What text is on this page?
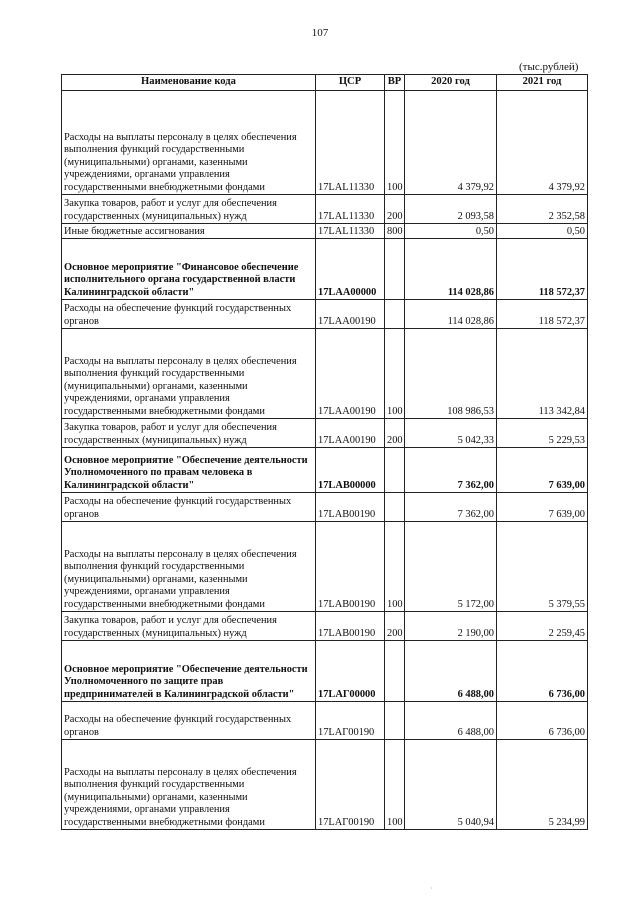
107
(тыс.рублей)
Наименование кода	ЦСР	ВР	2020 год	2021 год
Расходы на выплаты персоналу в целях обеспечения выполнения функций государственными (муниципальными) органами, казенными учреждениями, органами управления государственными внебюджетными фондами	17LAL11330	100	4 379,92	4 379,92
Закупка товаров, работ и услуг для обеспечения государственных (муниципальных) нужд	17LAL11330	200	2 093,58	2 352,58
Иные бюджетные ассигнования	17LAL11330	800	0,50	0,50
Основное мероприятие "Финансовое обеспечение исполнительного органа государственной власти Калининградской области"	17LAA00000		114 028,86	118 572,37
Расходы на обеспечение функций государственных органов	17LAA00190		114 028,86	118 572,37
Расходы на выплаты персоналу в целях обеспечения выполнения функций государственными (муниципальными) органами, казенными учреждениями, органами управления государственными внебюджетными фондами	17LAA00190	100	108 986,53	113 342,84
Закупка товаров, работ и услуг для обеспечения государственных (муниципальных) нужд	17LAA00190	200	5 042,33	5 229,53
Основное мероприятие "Обеспечение деятельности Уполномоченного по правам человека в Калининградской области"	17LAB00000		7 362,00	7 639,00
Расходы на обеспечение функций государственных органов	17LAB00190		7 362,00	7 639,00
Расходы на выплаты персоналу в целях обеспечения выполнения функций государственными (муниципальными) органами, казенными учреждениями, органами управления государственными внебюджетными фондами	17LAB00190	100	5 172,00	5 379,55
Закупка товаров, работ и услуг для обеспечения государственных (муниципальных) нужд	17LAB00190	200	2 190,00	2 259,45
Основное мероприятие "Обеспечение деятельности Уполномоченного по защите прав предпринимателей в Калининградской области"	17LAГ00000		6 488,00	6 736,00
Расходы на обеспечение функций государственных органов	17LAГ00190		6 488,00	6 736,00
Расходы на выплаты персоналу в целях обеспечения выполнения функций государственными (муниципальными) органами, казенными учреждениями, органами управления государственными внебюджетными фондами	17LAГ00190	100	5 040,94	5 234,99
·
